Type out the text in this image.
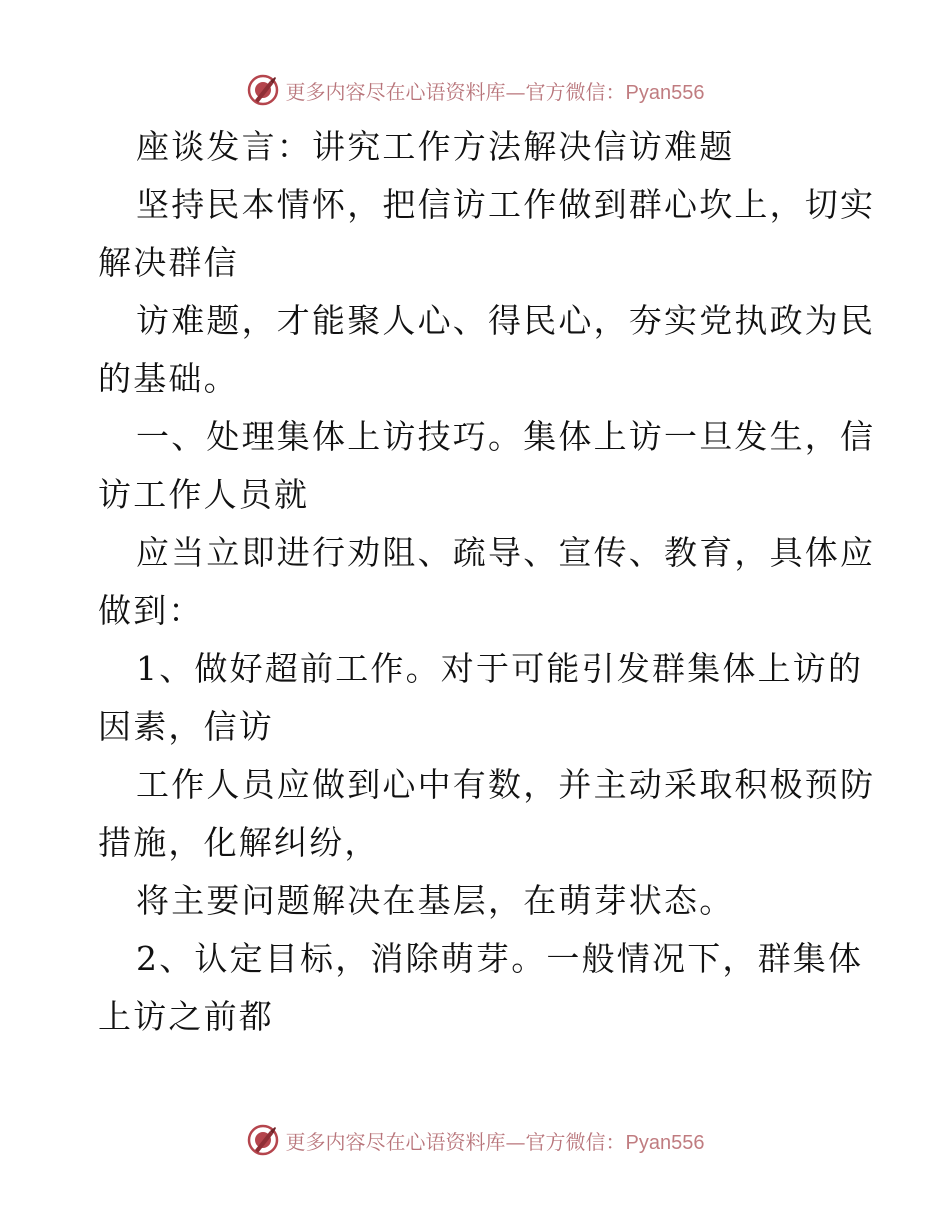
更多内容尽在心语资料库—官方微信：Pyan556

座谈发言：讲究工作方法解决信访难题

坚持民本情怀，把信访工作做到群心坎上，切实

解决群信

访难题，才能聚人心、得民心，夯实党执政为民

的基础。

一、处理集体上访技巧。集体上访一旦发生，信

访工作人员就

应当立即进行劝阻、疏导、宣传、教育，具体应

做到：

1、做好超前工作。对于可能引发群集体上访的

因素，信访

工作人员应做到心中有数，并主动采取积极预防

措施，化解纠纷，

将主要问题解决在基层，在萌芽状态。

2、认定目标，消除萌芽。一般情况下，群集体

上访之前都

更多内容尽在心语资料库—官方微信：Pyan556
